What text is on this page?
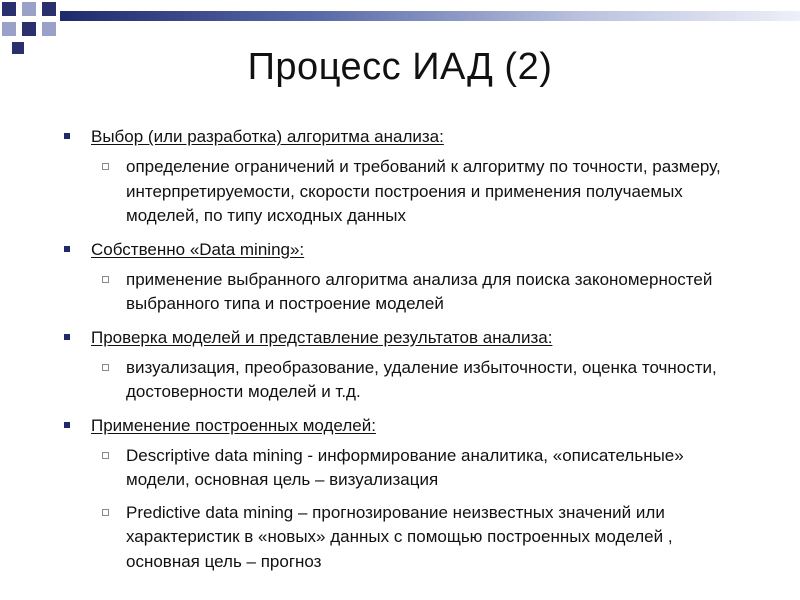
Процесс ИАД (2)
Выбор (или разработка) алгоритма анализа:
определение ограничений и требований к алгоритму по точности, размеру, интерпретируемости, скорости построения и применения получаемых моделей, по типу исходных данных
Собственно «Data mining»:
применение выбранного алгоритма анализа для поиска закономерностей выбранного типа и построение моделей
Проверка моделей и представление результатов анализа:
визуализация, преобразование, удаление избыточности, оценка точности, достоверности моделей и т.д.
Применение построенных моделей:
Descriptive data mining - информирование аналитика, «описательные» модели, основная цель – визуализация
Predictive data mining – прогнозирование неизвестных значений или характеристик в «новых» данных с помощью построенных моделей , основная цель – прогноз
